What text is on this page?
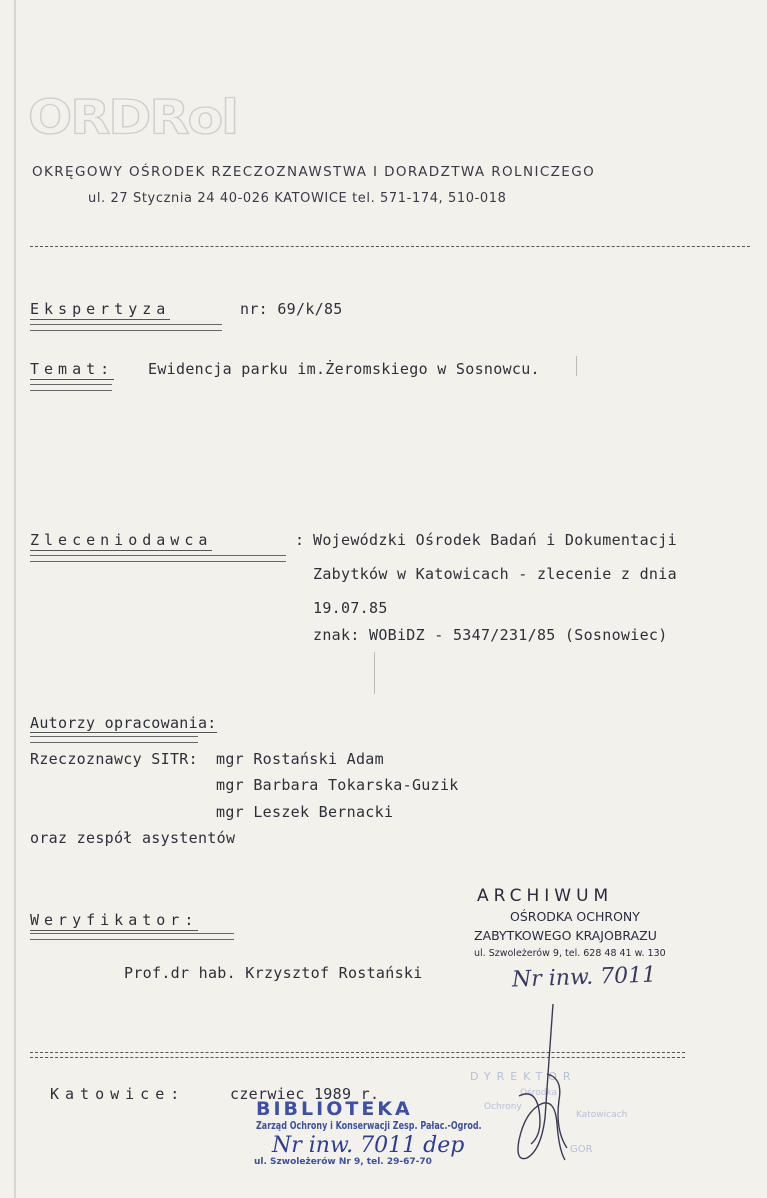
ORDRol
OKRĘGOWY OŚRODEK RZECZOZNAWSTWA I DORADZTWA ROLNICZEGO
ul. 27 Stycznia 24 40-026 KATOWICE tel. 571-174, 510-018
Ekspertyza	nr: 69/k/85
Temat: Ewidencja parku im.Żeromskiego w Sosnowcu.
Zleceniodawca	: Wojewódzki Ośrodek Badań i Dokumentacji
Zabytków w Katowicach - zlecenie z dnia
19.07.85
znak: WOBiDZ - 5347/231/85 (Sosnowiec)
Autorzy opracowania:
Rzeczoznawcy SITR: mgr Rostański Adam
mgr Barbara Tokarska-Guzik
mgr Leszek Bernacki
oraz zespół asystentów
Weryfikator:
Prof.dr hab. Krzysztof Rostański
ARCHIWUM
OŚRODKA OCHRONY
ZABYTKOWEGO KRAJOBRAZU
ul. Szwoleżerów 9, tel. 628 48 41 w. 130
Nr inw. 7011
DYREKTOR
Ośrodka
Ochrony
Katowicach
GOR
Katowice:	czerwiec 1989 r.
BIBLIOTEKA
Zarząd Ochrony i Konserwacji Zesp. Pałac.-Ogrod.
Nr inw. 7011 dep
ul. Szwoleżerów Nr 9, tel. 29-67-70
